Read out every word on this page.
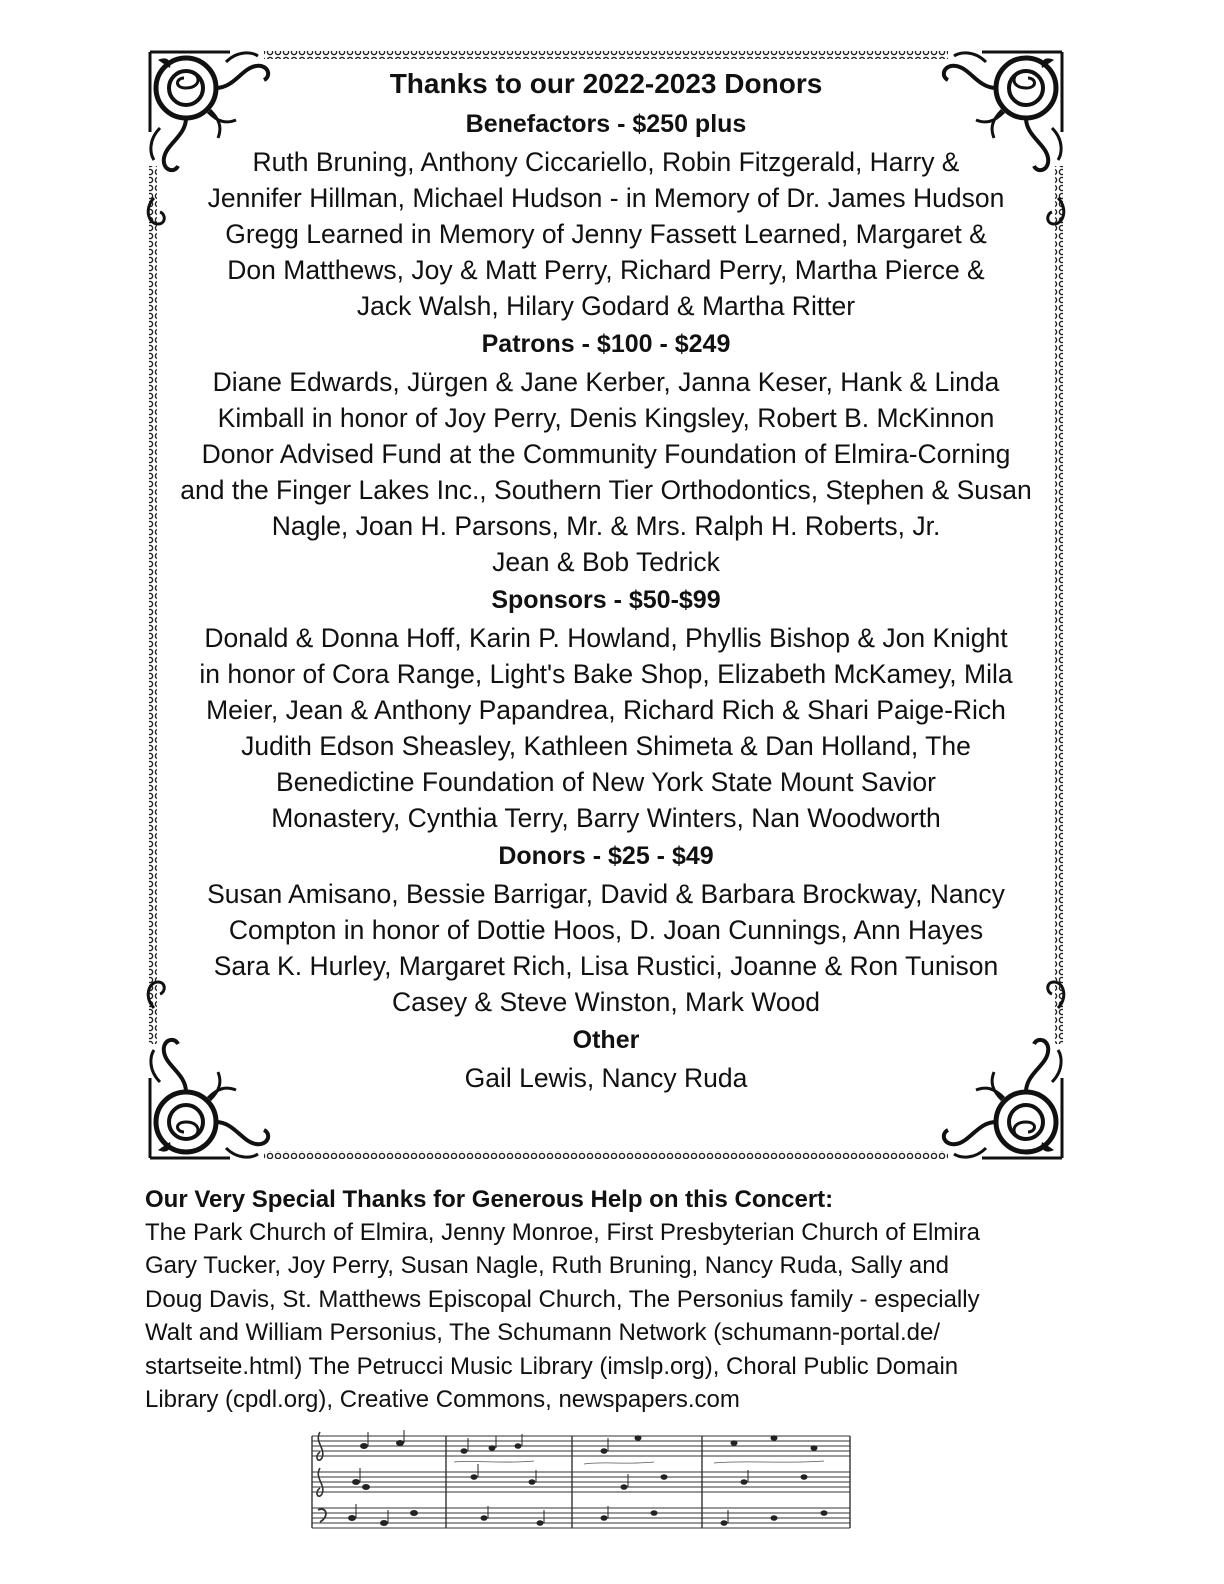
Thanks to our 2022-2023 Donors
Benefactors - $250 plus
Ruth Bruning, Anthony Ciccariello, Robin Fitzgerald, Harry &
Jennifer Hillman, Michael Hudson - in Memory of Dr. James Hudson
Gregg Learned in Memory of Jenny Fassett Learned, Margaret &
Don Matthews, Joy & Matt Perry, Richard Perry, Martha Pierce &
Jack Walsh, Hilary Godard & Martha Ritter
Patrons - $100 - $249
Diane Edwards, Jürgen & Jane Kerber, Janna Keser, Hank & Linda
Kimball in honor of Joy Perry, Denis Kingsley, Robert B. McKinnon
Donor Advised Fund at the Community Foundation of Elmira-Corning
and the Finger Lakes Inc., Southern Tier Orthodontics, Stephen & Susan
Nagle, Joan H. Parsons, Mr. & Mrs. Ralph H. Roberts, Jr.
Jean & Bob Tedrick
Sponsors - $50-$99
Donald & Donna Hoff, Karin P. Howland, Phyllis Bishop & Jon Knight
in honor of Cora Range, Light's Bake Shop, Elizabeth McKamey, Mila
Meier, Jean & Anthony Papandrea, Richard Rich & Shari Paige-Rich
Judith Edson Sheasley, Kathleen Shimeta & Dan Holland, The
Benedictine Foundation of New York State Mount Savior
Monastery, Cynthia Terry, Barry Winters, Nan Woodworth
Donors - $25 - $49
Susan Amisano, Bessie Barrigar, David & Barbara Brockway, Nancy
Compton in honor of Dottie Hoos, D. Joan Cunnings, Ann Hayes
Sara K. Hurley, Margaret Rich, Lisa Rustici, Joanne & Ron Tunison
Casey & Steve Winston, Mark Wood
Other
Gail Lewis, Nancy Ruda
Our Very Special Thanks for Generous Help on this Concert:
The Park Church of Elmira, Jenny Monroe, First Presbyterian Church of Elmira
Gary Tucker, Joy Perry, Susan Nagle, Ruth Bruning, Nancy Ruda, Sally and
Doug Davis, St. Matthews Episcopal Church, The Personius family - especially
Walt and William Personius, The Schumann Network (schumann-portal.de/
startseite.html) The Petrucci Music Library (imslp.org), Choral Public Domain
Library (cpdl.org), Creative Commons, newspapers.com
